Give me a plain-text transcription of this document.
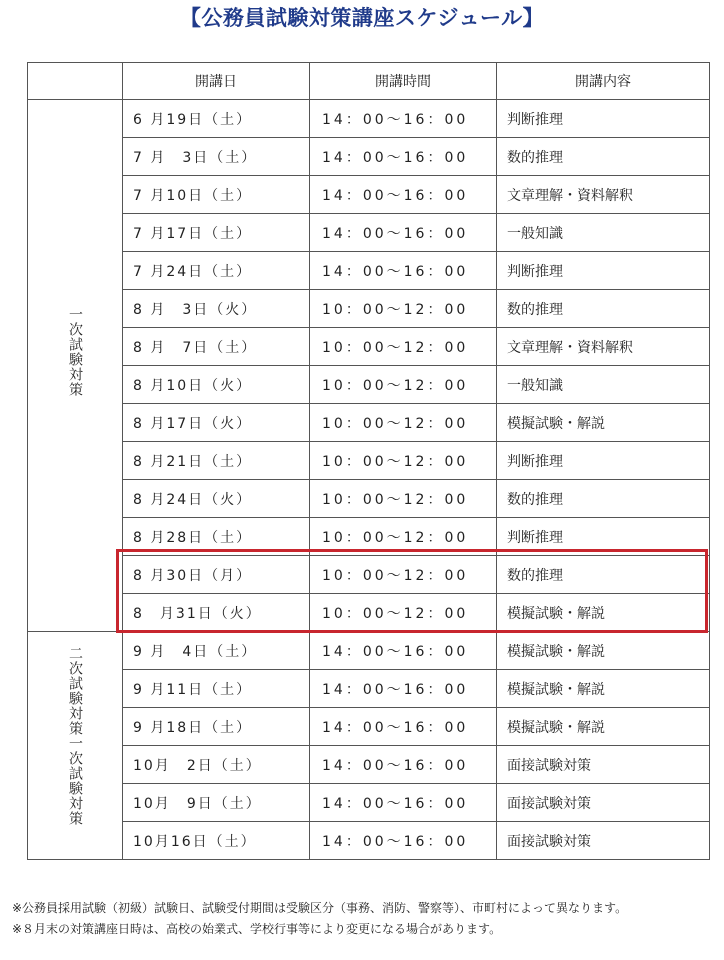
【公務員試験対策講座スケジュール】
	開講日	開講時間	開講内容
一次試験対策	6 月19日（土）	14：00～16：00	判断推理
	7 月　3日（土）	14：00～16：00	数的推理
	7 月10日（土）	14：00～16：00	文章理解・資料解釈
	7 月17日（土）	14：00～16：00	一般知識
	7 月24日（土）	14：00～16：00	判断推理
	8 月　3日（火）	10：00～12：00	数的推理
	8 月　7日（土）	10：00～12：00	文章理解・資料解釈
	8 月10日（火）	10：00～12：00	一般知識
	8 月17日（火）	10：00～12：00	模擬試験・解説
	8 月21日（土）	10：00～12：00	判断推理
	8 月24日（火）	10：00～12：00	数的推理
	8 月28日（土）	10：00～12：00	判断推理
	8 月30日（月）	10：00～12：00	数的推理
	8　月31日（火）	10：00～12：00	模擬試験・解説
二次試験対策一次試験対策	9 月　4日（土）	14：00～16：00	模擬試験・解説
	9 月11日（土）	14：00～16：00	模擬試験・解説
	9 月18日（土）	14：00～16：00	模擬試験・解説
	10月　2日（土）	14：00～16：00	面接試験対策
	10月　9日（土）	14：00～16：00	面接試験対策
	10月16日（土）	14：00～16：00	面接試験対策
※公務員採用試験（初級）試験日、試験受付期間は受験区分（事務、消防、警察等）、市町村によって異なります。
※８月末の対策講座日時は、高校の始業式、学校行事等により変更になる場合があります。
